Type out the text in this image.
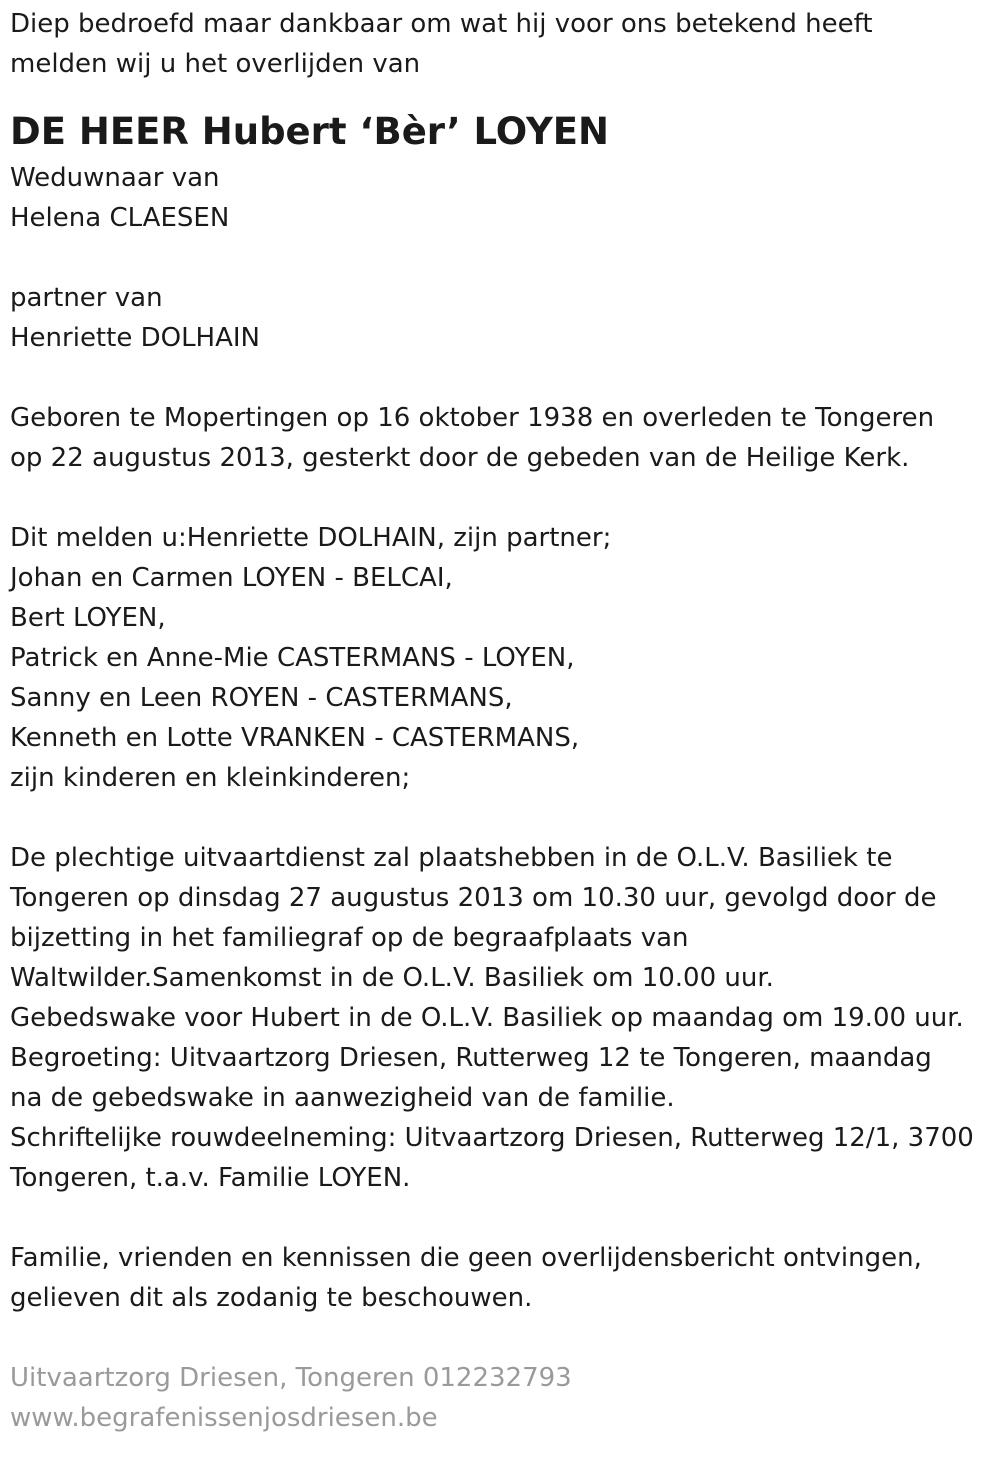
Diep bedroefd maar dankbaar om wat hij voor ons betekend heeft
melden wij u het overlijden van
DE HEER Hubert ‘Bèr’ LOYEN
Weduwnaar van
Helena CLAESEN
partner van
Henriette DOLHAIN
Geboren te Mopertingen op 16 oktober 1938 en overleden te Tongeren
op 22 augustus 2013, gesterkt door de gebeden van de Heilige Kerk.
Dit melden u:Henriette DOLHAIN, zijn partner;
Johan en Carmen LOYEN - BELCAI,
Bert LOYEN,
Patrick en Anne-Mie CASTERMANS - LOYEN,
Sanny en Leen ROYEN - CASTERMANS,
Kenneth en Lotte VRANKEN - CASTERMANS,
zijn kinderen en kleinkinderen;
De plechtige uitvaartdienst zal plaatshebben in de O.L.V. Basiliek te
Tongeren op dinsdag 27 augustus 2013 om 10.30 uur, gevolgd door de
bijzetting in het familiegraf op de begraafplaats van
Waltwilder.Samenkomst in de O.L.V. Basiliek om 10.00 uur.
Gebedswake voor Hubert in de O.L.V. Basiliek op maandag om 19.00 uur.
Begroeting: Uitvaartzorg Driesen, Rutterweg 12 te Tongeren, maandag
na de gebedswake in aanwezigheid van de familie.
Schriftelijke rouwdeelneming: Uitvaartzorg Driesen, Rutterweg 12/1, 3700
Tongeren, t.a.v. Familie LOYEN.
Familie, vrienden en kennissen die geen overlijdensbericht ontvingen,
gelieven dit als zodanig te beschouwen.
Uitvaartzorg Driesen, Tongeren 012232793
www.begrafenissenjosdriesen.be
